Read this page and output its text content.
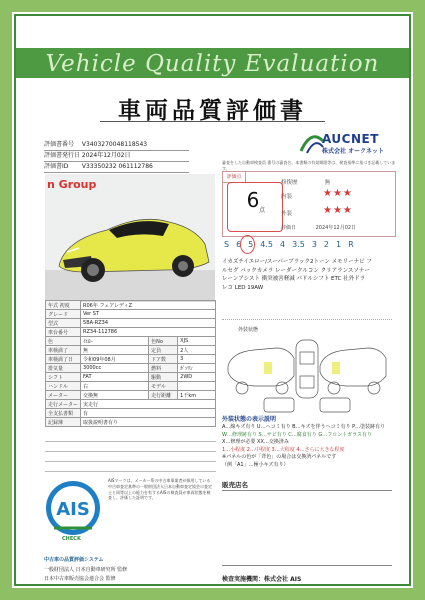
Vehicle Quality Evaluation
車両品質評価書
評価書番号 V340327004811854​3
評価書発行日 2024年12月02日
評価書ID V33350232 061112786
AUCNET
株式会社 オークネット
審査をした自動車検査員 番号の審査名、本書類の有効期限等は、検査基準に基づき記載しています。
n Group
評価点
6 点
修復歴	無
内装	★★★
外装	★★★
評価日	2024年12月02日
S 6 5 4.5 4 3.5 3 2 1 R
イカズチイエロー/スーパーブラック2トーン メモリーナビ フ
ルセグ バックカメラ レーダークルコン クリアランスソナー
レーンアシスト 衝突被害軽減 パドルシフト ETC 社外ドラ
レコ LED 19AW
年式 初度	R06年 フェアレディZ		
グレード	Ver ST		
型式	5BA-RZ34		
車台番号	RZ34-112786		
色	ｲｴﾛｰ	色No	XJS
車検満了	無	定員	2人
車検満了日	令和09年08月	ドア数	3
排気量	3000cc	燃料	ｶﾞｿﾘﾝ
シフト	FAT	駆動	2WD
ハンドル	右	モデル	
メーター	交換無	走行距離	1千km
走行メーター	実走行		
全支払書類	有		
記録簿	取扱説明書有り		
外装状態
外装状態の表示説明
A…線キズ有り U…ヘコミ有り B…キズを伴うヘコミ有り P…塗装跡有り
W…修理跡有り S…サビ有り C…腐食有り G…フロントガラス有り
X…修理が必要 XX…交換済み
1…小程度 2…中程度 3…大程度 4…さらに大きな程度
※パネルの色が「背色」の場合は交換済パネルです
（例「A1」…極小キズ有り）
販売店名
AIS
CHECK
AISマークは、メーカー系の中古車事業者が採用している中古車査定基準の一般財団法人日本自動車査定協会の査定士と同等以上の能力を有するAISの検査員が車両状態を検査し、評価した証明です。
中古車の品質評価システム
一般財団法人 日本自動車研究所 監修
日本中古車販売協会連合会 監修	検査実施機関：株式会社 AIS
